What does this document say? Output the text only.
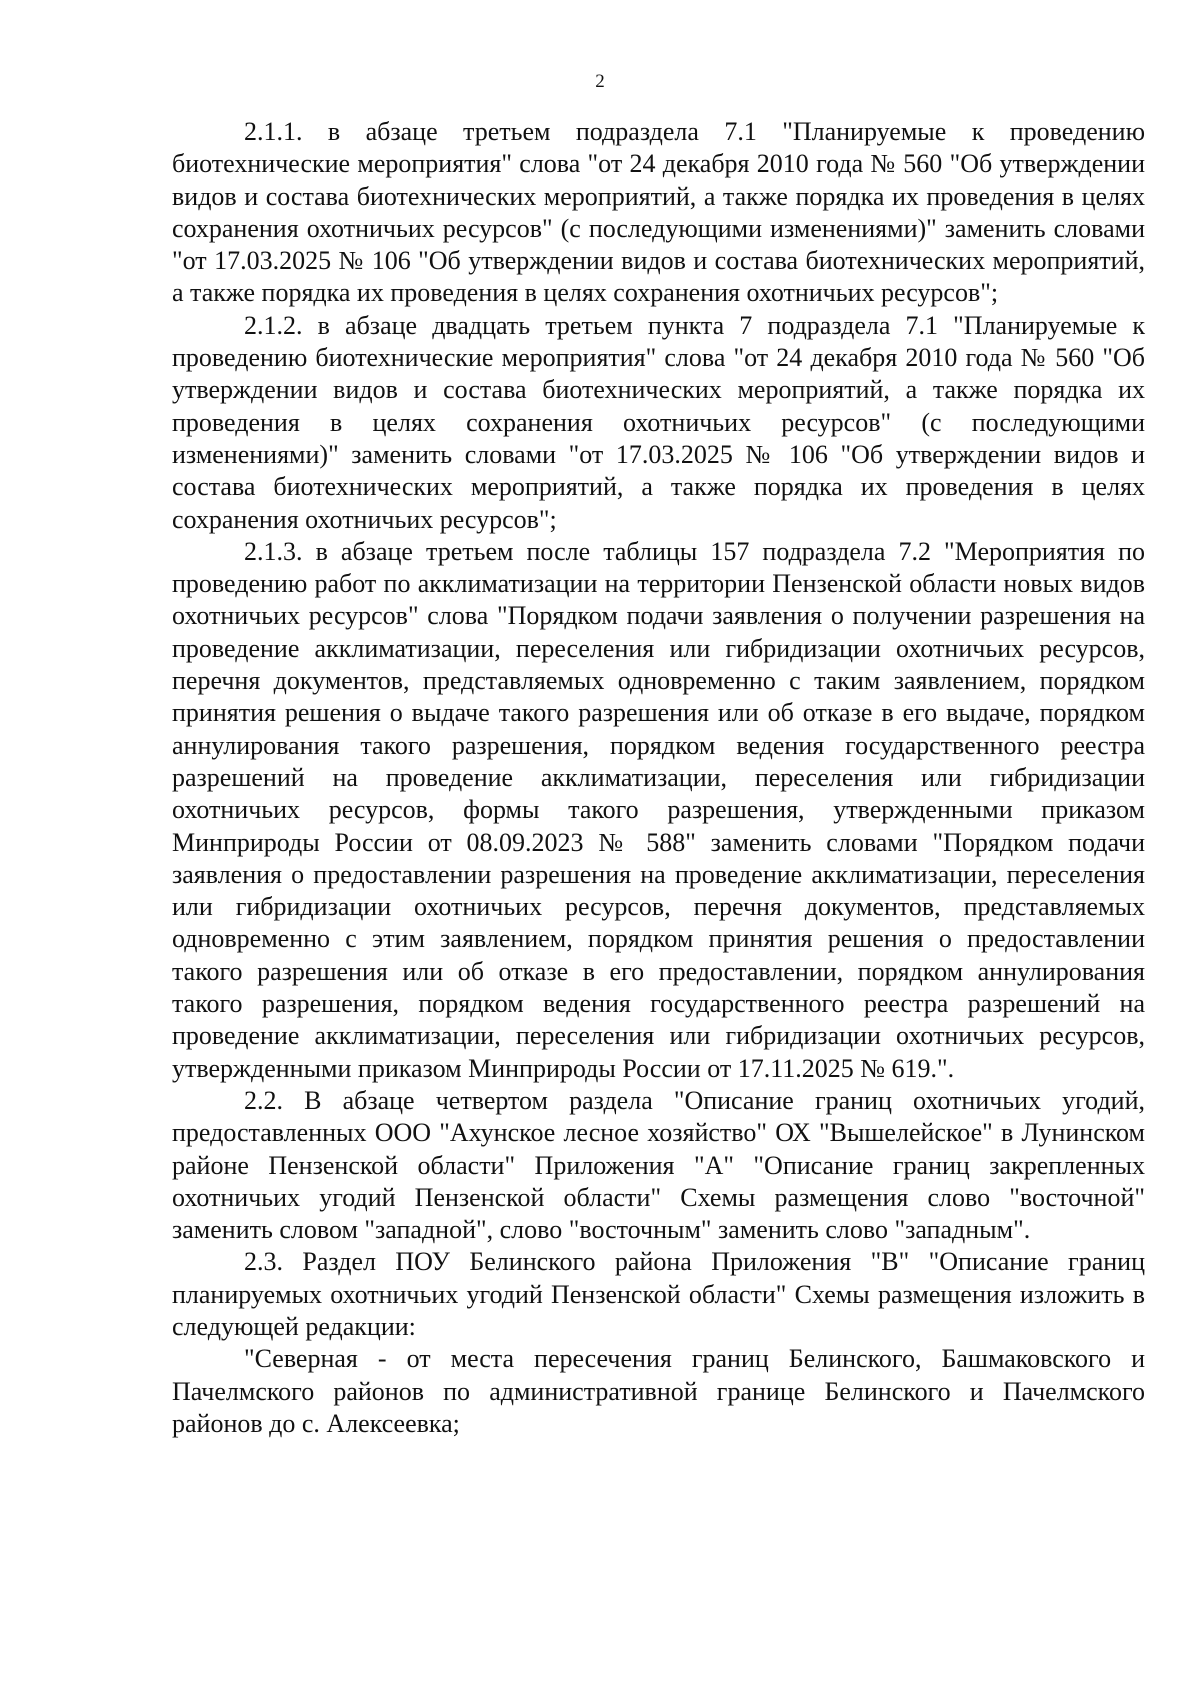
2

2.1.1. в абзаце третьем подраздела 7.1 "Планируемые к проведению биотехнические мероприятия" слова "от 24 декабря 2010 года № 560 "Об утверждении видов и состава биотехнических мероприятий, а также порядка их проведения в целях сохранения охотничьих ресурсов" (с последующими изменениями)" заменить словами "от 17.03.2025 № 106 "Об утверждении видов и состава биотехнических мероприятий, а также порядка их проведения в целях сохранения охотничьих ресурсов";

2.1.2. в абзаце двадцать третьем пункта 7 подраздела 7.1 "Планируемые к проведению биотехнические мероприятия" слова "от 24 декабря 2010 года № 560 "Об утверждении видов и состава биотехнических мероприятий, а также порядка их проведения в целях сохранения охотничьих ресурсов" (с последующими изменениями)" заменить словами "от 17.03.2025 № 106 "Об утверждении видов и состава биотехнических мероприятий, а также порядка их проведения в целях сохранения охотничьих ресурсов";

2.1.3. в абзаце третьем после таблицы 157 подраздела 7.2 "Мероприятия по проведению работ по акклиматизации на территории Пензенской области новых видов охотничьих ресурсов" слова "Порядком подачи заявления о получении разрешения на проведение акклиматизации, переселения или гибридизации охотничьих ресурсов, перечня документов, представляемых одновременно с таким заявлением, порядком принятия решения о выдаче такого разрешения или об отказе в его выдаче, порядком аннулирования такого разрешения, порядком ведения государственного реестра разрешений на проведение акклиматизации, переселения или гибридизации охотничьих ресурсов, формы такого разрешения, утвержденными приказом Минприроды России от 08.09.2023 № 588" заменить словами "Порядком подачи заявления о предоставлении разрешения на проведение акклиматизации, переселения или гибридизации охотничьих ресурсов, перечня документов, представляемых одновременно с этим заявлением, порядком принятия решения о предоставлении такого разрешения или об отказе в его предоставлении, порядком аннулирования такого разрешения, порядком ведения государственного реестра разрешений на проведение акклиматизации, переселения или гибридизации охотничьих ресурсов, утвержденными приказом Минприроды России от 17.11.2025 № 619.".

2.2. В абзаце четвертом раздела "Описание границ охотничьих угодий, предоставленных ООО "Ахунское лесное хозяйство" ОХ "Вышелейское" в Лунинском районе Пензенской области" Приложения "А" "Описание границ закрепленных охотничьих угодий Пензенской области" Схемы размещения слово "восточной" заменить словом "западной", слово "восточным" заменить слово "западным".

2.3. Раздел ПОУ Белинского района Приложения "В" "Описание границ планируемых охотничьих угодий Пензенской области" Схемы размещения изложить в следующей редакции:

"Северная - от места пересечения границ Белинского, Башмаковского и Пачелмского районов по административной границе Белинского и Пачелмского районов до с. Алексеевка;
